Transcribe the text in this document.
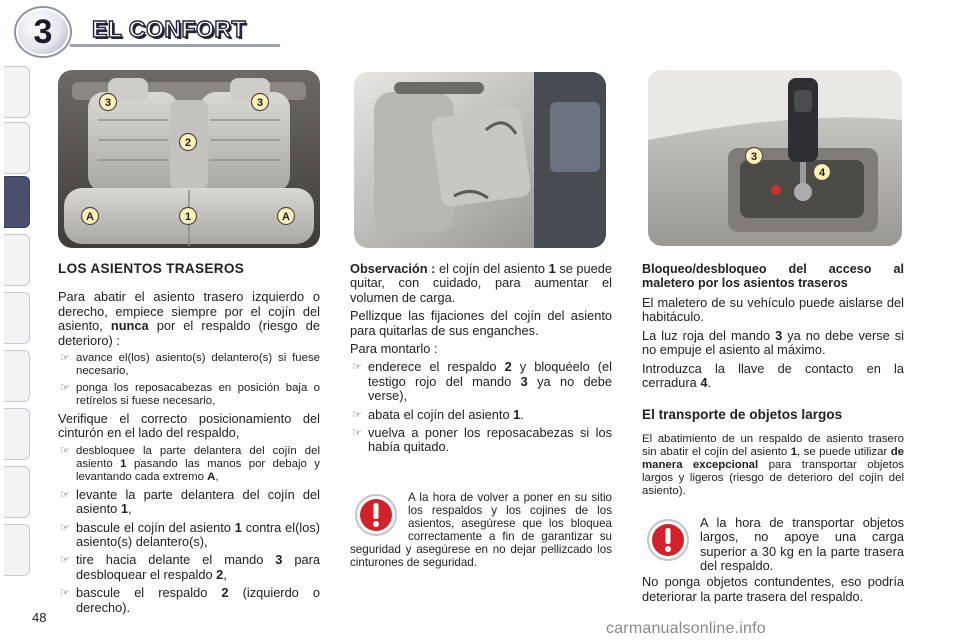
3	EL CONFORT
3	3
2
A	1	A
3
4
LOS ASIENTOS TRASEROS

Para abatir el asiento trasero izquierdo o derecho, empiece siempre por el cojín del asiento, nunca por el respaldo (riesgo de deterioro) :

☞ avance el(los) asiento(s) delantero(s) si fuese necesario,
☞ ponga los reposacabezas en posición baja o retírelos si fuese necesario,

Verifique el correcto posicionamiento del cinturón en el lado del respaldo,

☞ desbloquee la parte delantera del cojín del asiento 1 pasando las manos por debajo y levantando cada extremo A,
☞ levante la parte delantera del cojín del asiento 1,
☞ bascule el cojín del asiento 1 contra el(los) asiento(s) delantero(s),
☞ tire hacia delante el mando 3 para desbloquear el respaldo 2,
☞ bascule el respaldo 2 (izquierdo o derecho).

Observación : el cojín del asiento 1 se puede quitar, con cuidado, para aumentar el volumen de carga.

Pellizque las fijaciones del cojín del asiento para quitarlas de sus enganches.

Para montarlo :

☞ enderece el respaldo 2 y bloquéelo (el testigo rojo del mando 3 ya no debe verse),
☞ abata el cojín del asiento 1.
☞ vuelva a poner los reposacabezas si los había quitado.
A la hora de volver a poner en su sitio los respaldos y los cojines de los asientos, asegúrese que los bloquea correctamente a fin de garantizar su seguridad y asegúrese en no dejar pellizcado los cinturones de seguridad.
Bloqueo/desbloqueo del acceso al maletero por los asientos traseros

El maletero de su vehículo puede aislarse del habitáculo.

La luz roja del mando 3 ya no debe verse si no empuje el asiento al máximo.

Introduzca la llave de contacto en la cerradura 4.

El transporte de objetos largos

El abatimiento de un respaldo de asiento trasero sin abatir el cojín del asiento 1, se puede utilizar de manera excepcional para transportar objetos largos y ligeros (riesgo de deterioro del cojín del asiento).

A la hora de transportar objetos largos, no apoye una carga superior a 30 kg en la parte trasera del respaldo.

No ponga objetos contundentes, eso podría deteriorar la parte trasera del respaldo.

48
carmanualsonline.info
